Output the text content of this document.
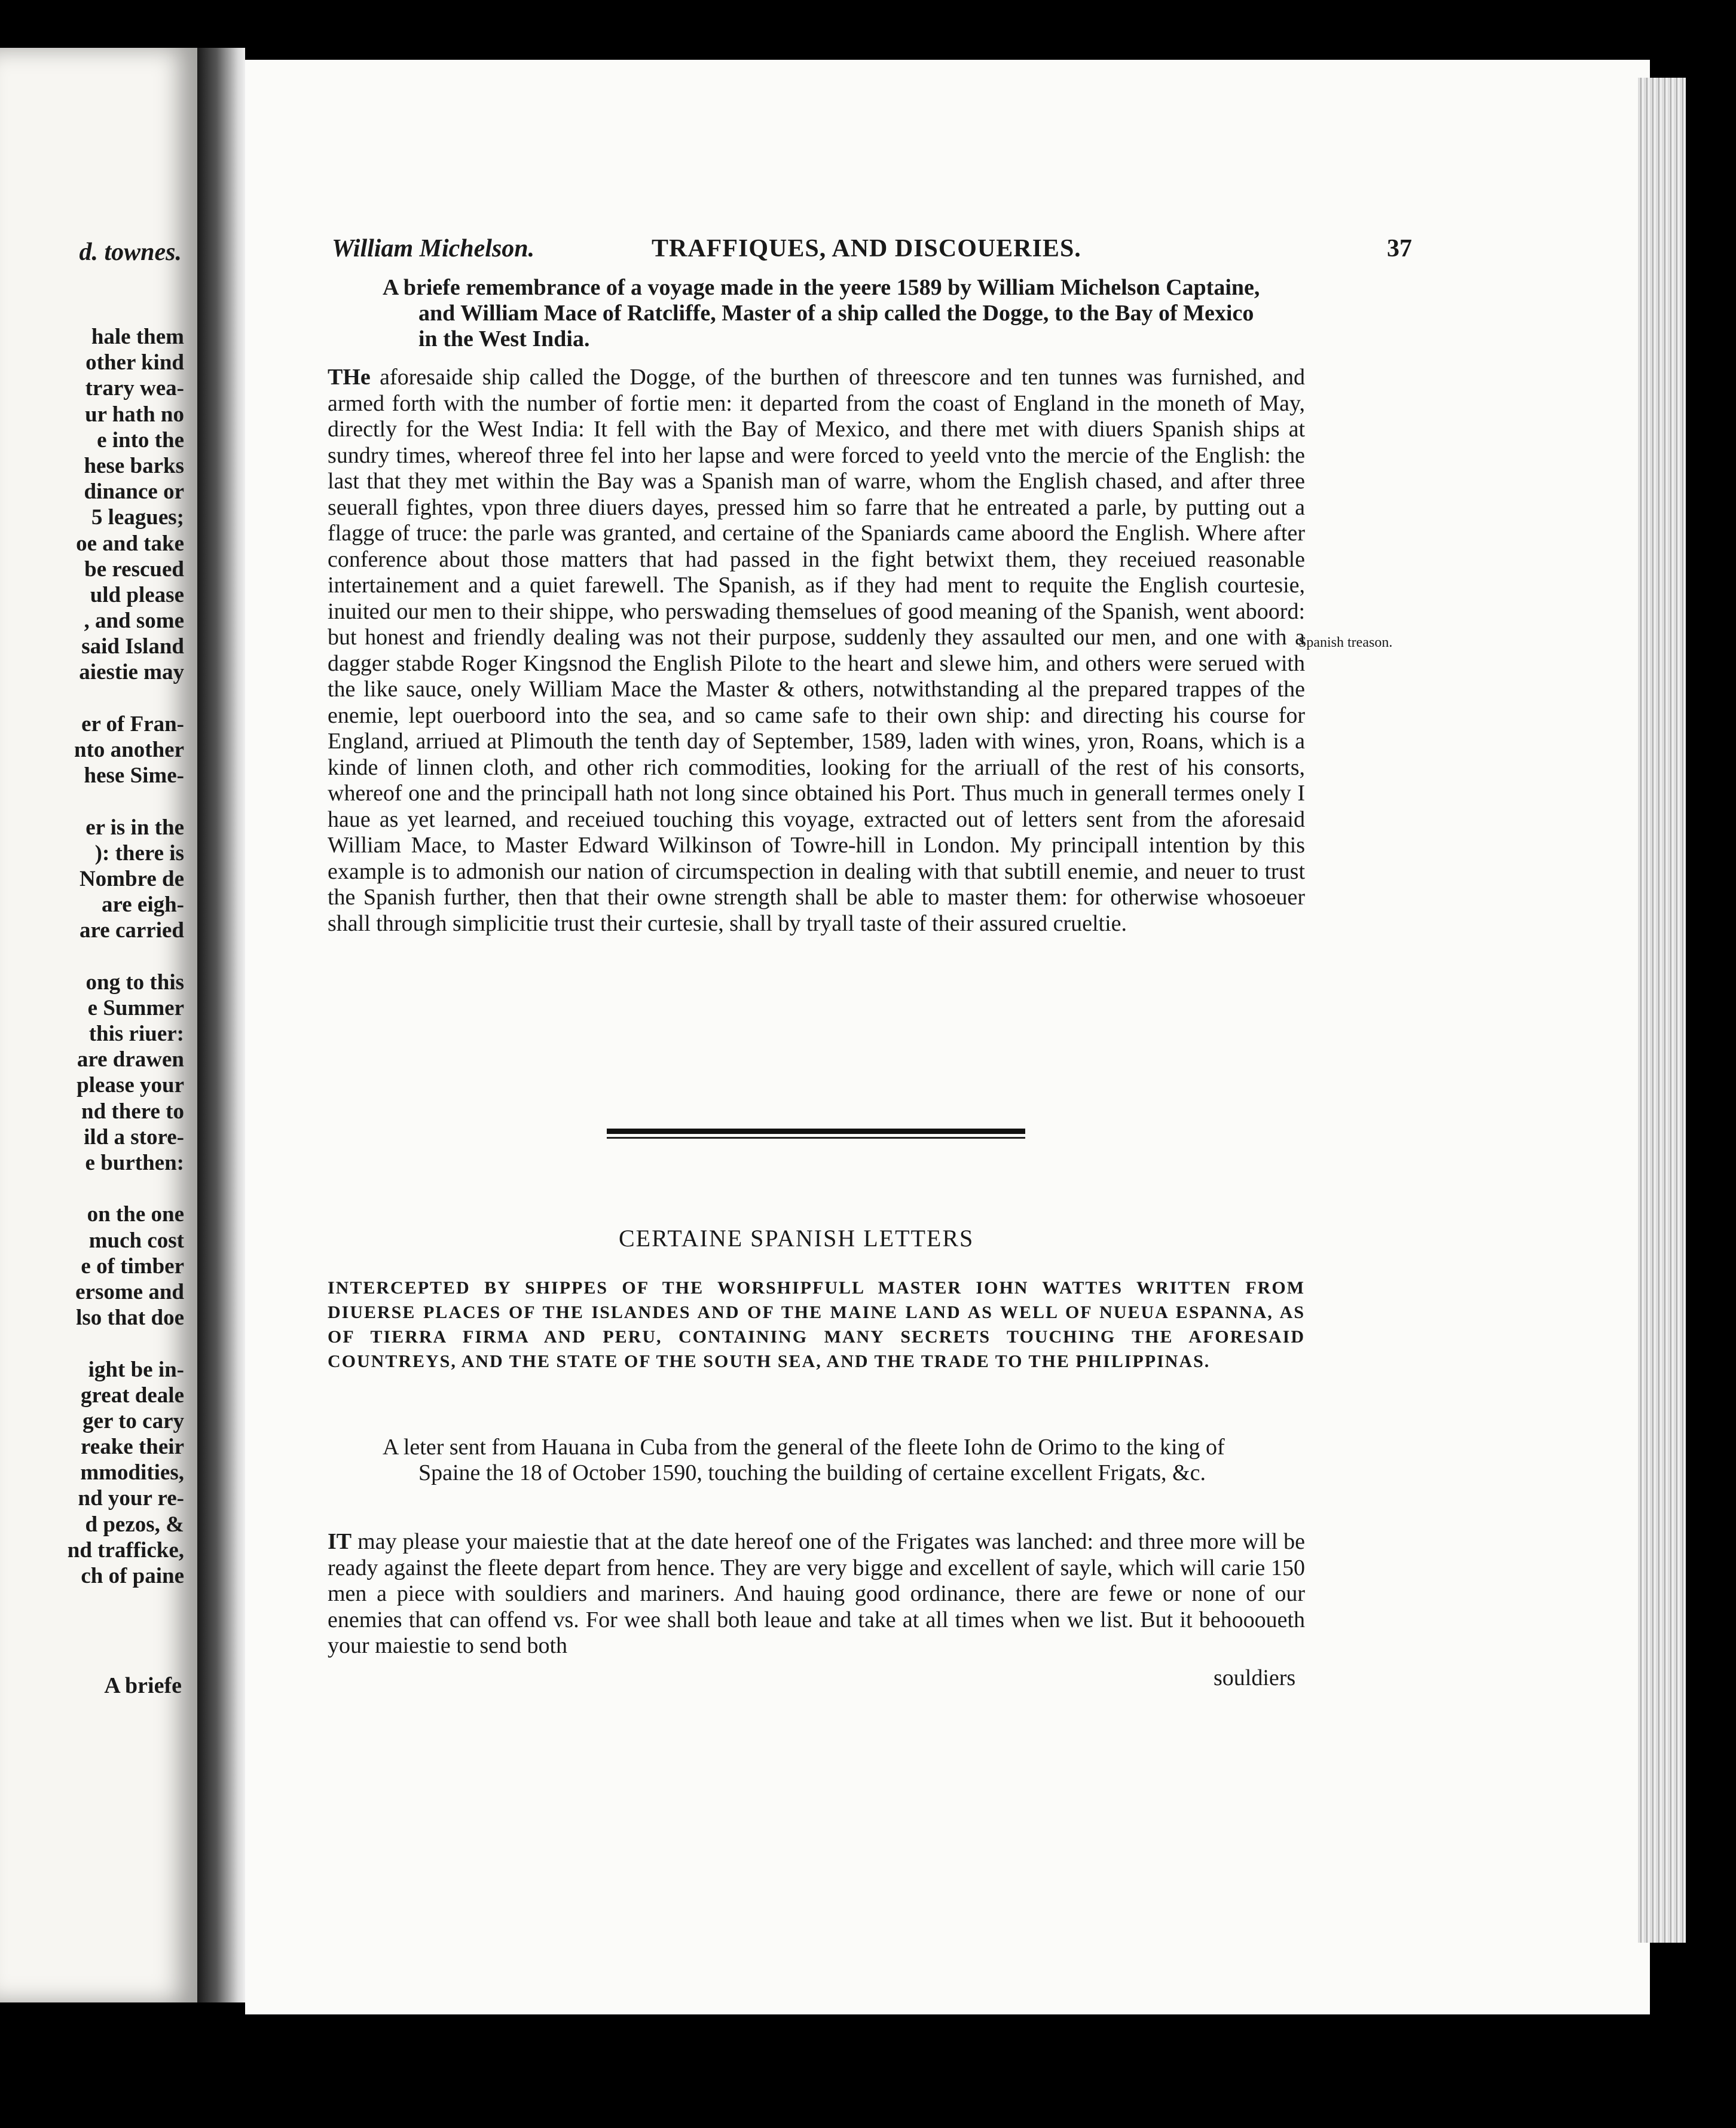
d. townes.
hale them
other kind
trary wea-
ur hath no
e into the
hese barks
dinance or
5 leagues;
oe and take
be rescued
uld please
, and some
said Island
aiestie may
er of Fran-
nto another
hese Sime-
er is in the
): there is
Nombre de
are eigh-
are carried
ong to this
e Summer
this riuer:
are drawen
please your
nd there to
ild a store-
e burthen:
on the one
much cost
e of timber
ersome and
lso that doe
ight be in-
great deale
ger to cary
reake their
mmodities,
nd your re-
d pezos, &
nd trafficke,
ch of paine
A briefe
William Michelson.	TRAFFIQUES, AND DISCOUERIES.	37

A briefe remembrance of a voyage made in the yeere 1589 by William Michelson Captaine, and William Mace of Ratcliffe, Master of a ship called the Dogge, to the Bay of Mexico in the West India.

THe aforesaide ship called the Dogge, of the burthen of threescore and ten tunnes was furnished, and armed forth with the number of fortie men: it departed from the coast of England in the moneth of May, directly for the West India: It fell with the Bay of Mexico, and there met with diuers Spanish ships at sundry times, whereof three fel into her lapse and were forced to yeeld vnto the mercie of the English: the last that they met within the Bay was a Spanish man of warre, whom the English chased, and after three seuerall fightes, vpon three diuers dayes, pressed him so farre that he entreated a parle, by putting out a flagge of truce: the parle was granted, and certaine of the Spaniards came aboord the English. Where after conference about those matters that had passed in the fight betwixt them, they receiued reasonable intertainement and a quiet farewell. The Spanish, as if they had ment to requite the English courtesie, inuited our men to their shippe, who perswading themselues of good meaning of the Spanish, went aboord: but honest and friendly dealing was not their purpose, suddenly they assaulted our men, and one with a dagger stabde Roger Kingsnod the English Pilote to the heart and slewe him, and others were serued with the like sauce, onely William Mace the Master & others, notwithstanding al the prepared trappes of the enemie, lept ouerboord into the sea, and so came safe to their own ship: and directing his course for England, arriued at Plimouth the tenth day of September, 1589, laden with wines, yron, Roans, which is a kinde of linnen cloth, and other rich commodities, looking for the arriuall of the rest of his consorts, whereof one and the principall hath not long since obtained his Port. Thus much in generall termes onely I haue as yet learned, and receiued touching this voyage, extracted out of letters sent from the aforesaid William Mace, to Master Edward Wilkinson of Towre-hill in London. My principall intention by this example is to admonish our nation of circumspection in dealing with that subtill enemie, and neuer to trust the Spanish further, then that their owne strength shall be able to master them: for otherwise whosoeuer shall through simplicitie trust their curtesie, shall by tryall taste of their assured crueltie.

Spanish treason.
CERTAINE SPANISH LETTERS
INTERCEPTED BY SHIPPES OF THE WORSHIPFULL MASTER IOHN WATTES WRITTEN FROM DIUERSE PLACES OF THE ISLANDES AND OF THE MAINE LAND AS WELL OF NUEUA ESPANNA, AS OF TIERRA FIRMA AND PERU, CONTAINING MANY SECRETS TOUCHING THE AFORESAID COUNTREYS, AND THE STATE OF THE SOUTH SEA, AND THE TRADE TO THE PHILIPPINAS.

A leter sent from Hauana in Cuba from the general of the fleete Iohn de Orimo to the king of Spaine the 18 of October 1590, touching the building of certaine excellent Frigats, &c.

IT may please your maiestie that at the date hereof one of the Frigates was lanched: and three more will be ready against the fleete depart from hence. They are very bigge and excellent of sayle, which will carie 150 men a piece with souldiers and mariners. And hauing good ordinance, there are fewe or none of our enemies that can offend vs. For wee shall both leaue and take at all times when we list. But it behoooueth your maiestie to send both

souldiers
